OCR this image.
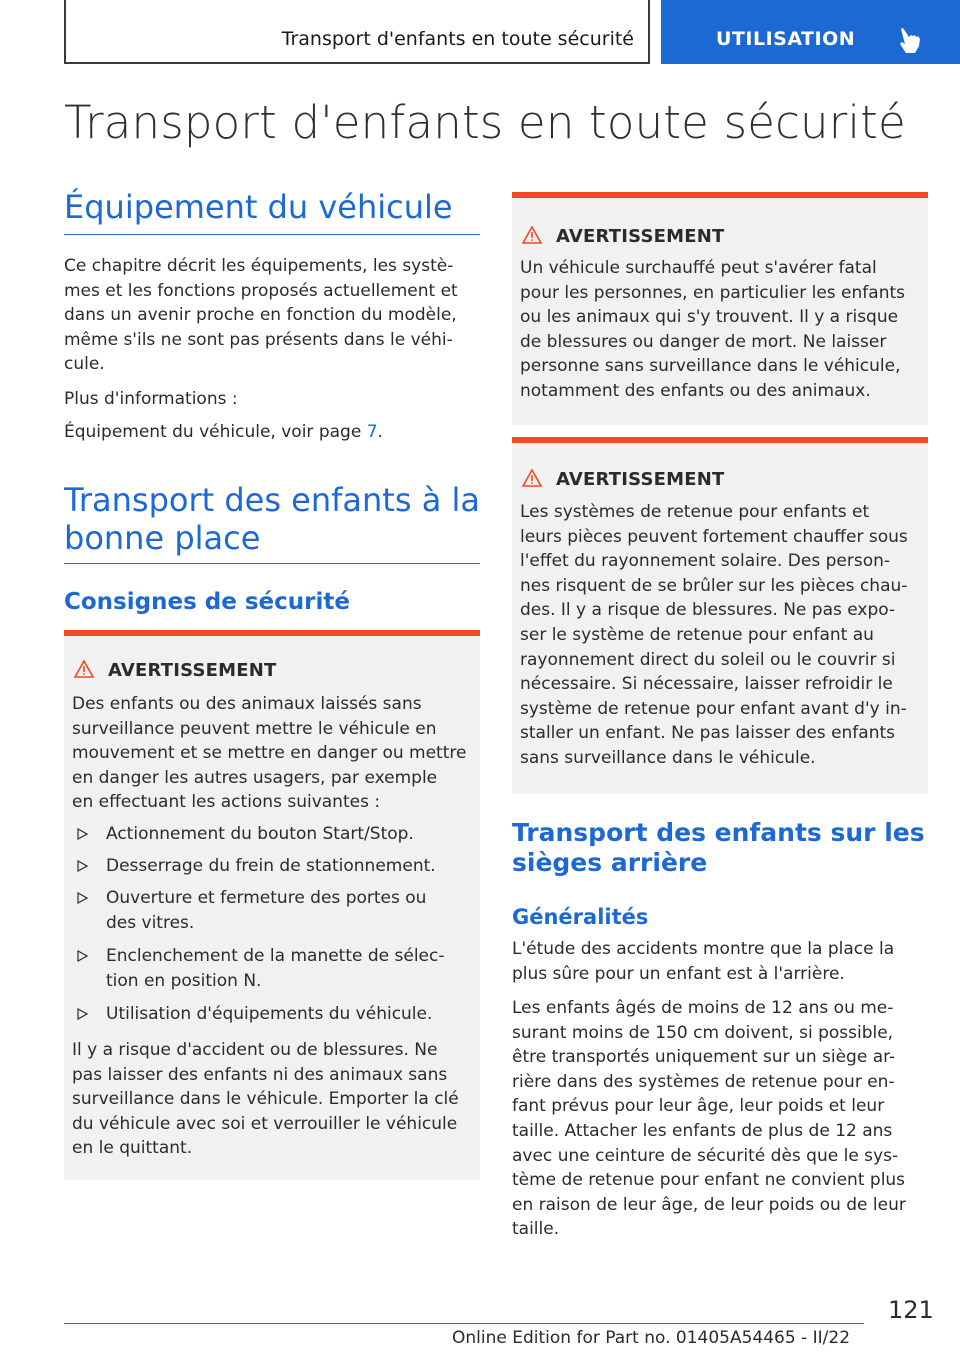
Transport d'enfants en toute sécurité	UTILISATION
Transport d'enfants en toute sécurité
Équipement du véhicule
Ce chapitre décrit les équipements, les systè-
mes et les fonctions proposés actuellement et
dans un avenir proche en fonction du modèle,
même s'ils ne sont pas présents dans le véhi-
cule.
Plus d'informations :
Équipement du véhicule, voir page 7.
Transport des enfants à la
bonne place
Consignes de sécurité
AVERTISSEMENT
Des enfants ou des animaux laissés sans
surveillance peuvent mettre le véhicule en
mouvement et se mettre en danger ou mettre
en danger les autres usagers, par exemple
en effectuant les actions suivantes :
Actionnement du bouton Start/Stop.
Desserrage du frein de stationnement.
Ouverture et fermeture des portes ou
des vitres.
Enclenchement de la manette de sélec-
tion en position N.
Utilisation d'équipements du véhicule.
Il y a risque d'accident ou de blessures. Ne
pas laisser des enfants ni des animaux sans
surveillance dans le véhicule. Emporter la clé
du véhicule avec soi et verrouiller le véhicule
en le quittant.
AVERTISSEMENT
Un véhicule surchauffé peut s'avérer fatal
pour les personnes, en particulier les enfants
ou les animaux qui s'y trouvent. Il y a risque
de blessures ou danger de mort. Ne laisser
personne sans surveillance dans le véhicule,
notamment des enfants ou des animaux.
AVERTISSEMENT
Les systèmes de retenue pour enfants et
leurs pièces peuvent fortement chauffer sous
l'effet du rayonnement solaire. Des person-
nes risquent de se brûler sur les pièces chau-
des. Il y a risque de blessures. Ne pas expo-
ser le système de retenue pour enfant au
rayonnement direct du soleil ou le couvrir si
nécessaire. Si nécessaire, laisser refroidir le
système de retenue pour enfant avant d'y in-
staller un enfant. Ne pas laisser des enfants
sans surveillance dans le véhicule.
Transport des enfants sur les
sièges arrière
Généralités
L'étude des accidents montre que la place la
plus sûre pour un enfant est à l'arrière.
Les enfants âgés de moins de 12 ans ou me-
surant moins de 150 cm doivent, si possible,
être transportés uniquement sur un siège ar-
rière dans des systèmes de retenue pour en-
fant prévus pour leur âge, leur poids et leur
taille. Attacher les enfants de plus de 12 ans
avec une ceinture de sécurité dès que le sys-
tème de retenue pour enfant ne convient plus
en raison de leur âge, de leur poids ou de leur
taille.
121
Online Edition for Part no. 01405A54465 - II/22
